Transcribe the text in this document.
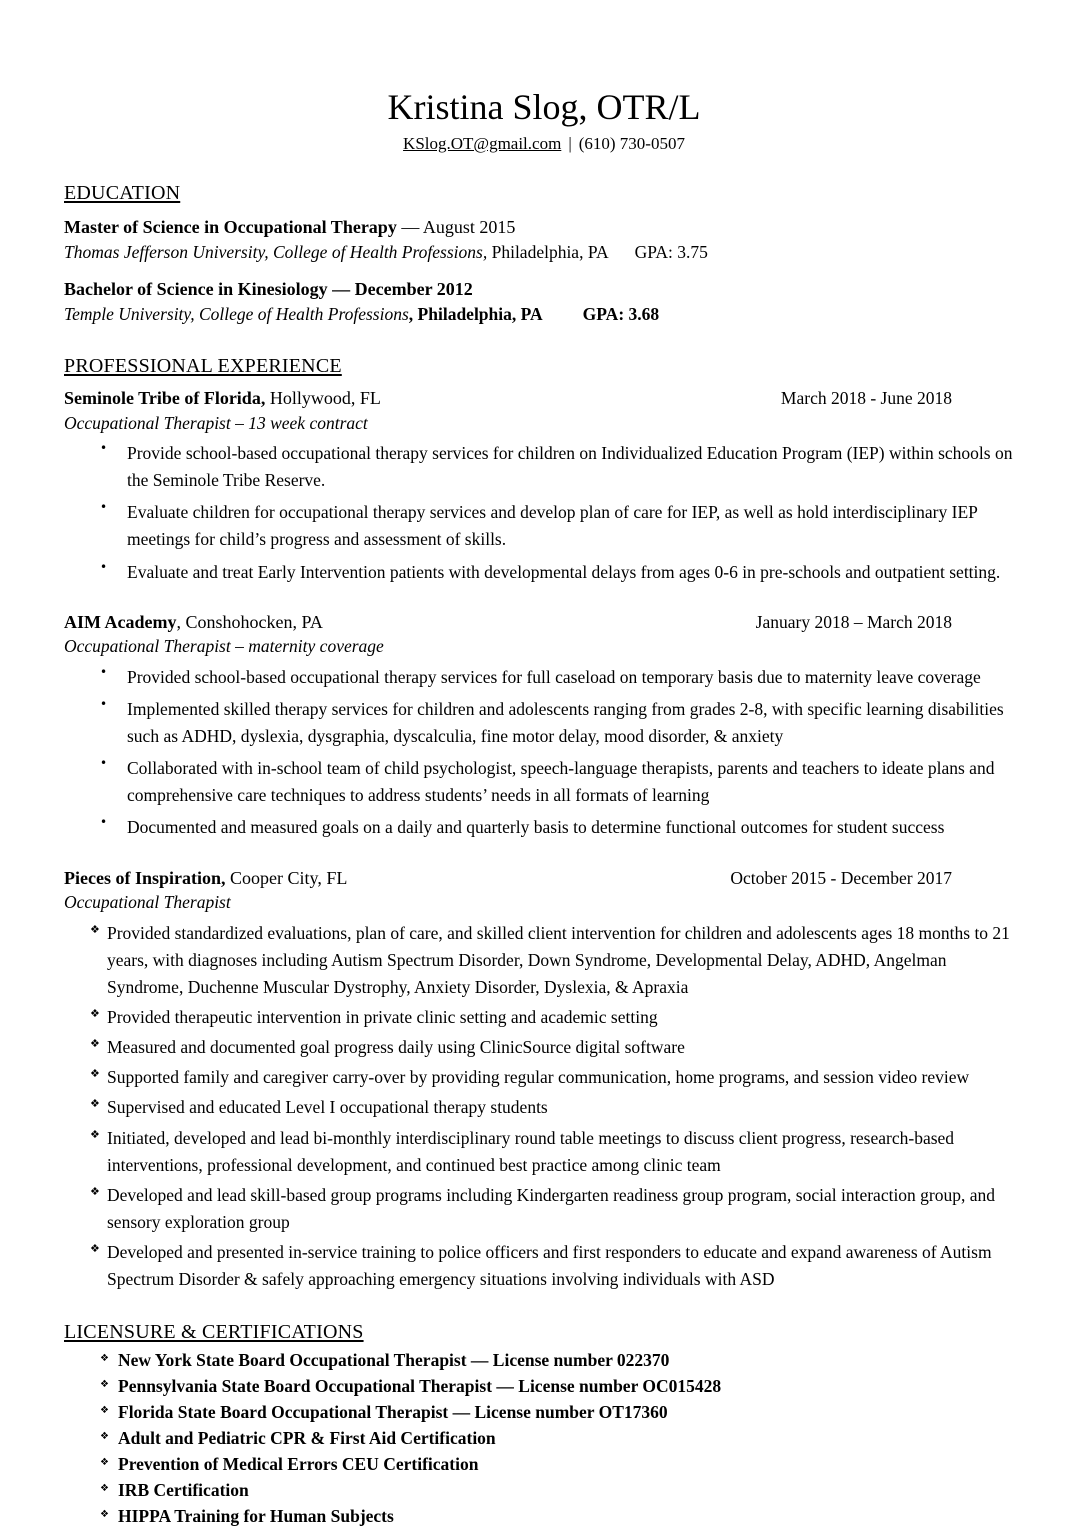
Kristina Slog, OTR/L
KSlog.OT@gmail.com | (610) 730-0507
EDUCATION
Master of Science in Occupational Therapy — August 2015
Thomas Jefferson University, College of Health Professions, Philadelphia, PA GPA: 3.75
Bachelor of Science in Kinesiology — December 2012
Temple University, College of Health Professions, Philadelphia, PA GPA: 3.68
PROFESSIONAL EXPERIENCE
Seminole Tribe of Florida, Hollywood, FL	March 2018 - June 2018
Occupational Therapist – 13 week contract
•	Provide school-based occupational therapy services for children on Individualized Education Program (IEP) within schools on the Seminole Tribe Reserve.
•	Evaluate children for occupational therapy services and develop plan of care for IEP, as well as hold interdisciplinary IEP meetings for child’s progress and assessment of skills.
•	Evaluate and treat Early Intervention patients with developmental delays from ages 0-6 in pre-schools and outpatient setting.
AIM Academy, Conshohocken, PA	January 2018 – March 2018
Occupational Therapist – maternity coverage
•	Provided school-based occupational therapy services for full caseload on temporary basis due to maternity leave coverage
•	Implemented skilled therapy services for children and adolescents ranging from grades 2-8, with specific learning disabilities such as ADHD, dyslexia, dysgraphia, dyscalculia, fine motor delay, mood disorder, & anxiety
•	Collaborated with in-school team of child psychologist, speech-language therapists, parents and teachers to ideate plans and comprehensive care techniques to address students’ needs in all formats of learning
•	Documented and measured goals on a daily and quarterly basis to determine functional outcomes for student success
Pieces of Inspiration, Cooper City, FL	October 2015 - December 2017
Occupational Therapist
❖ Provided standardized evaluations, plan of care, and skilled client intervention for children and adolescents ages 18 months to 21 years, with diagnoses including Autism Spectrum Disorder, Down Syndrome, Developmental Delay, ADHD, Angelman Syndrome, Duchenne Muscular Dystrophy, Anxiety Disorder, Dyslexia, & Apraxia
❖ Provided therapeutic intervention in private clinic setting and academic setting
❖ Measured and documented goal progress daily using ClinicSource digital software
❖ Supported family and caregiver carry-over by providing regular communication, home programs, and session video review
❖ Supervised and educated Level I occupational therapy students
❖ Initiated, developed and lead bi-monthly interdisciplinary round table meetings to discuss client progress, research-based interventions, professional development, and continued best practice among clinic team
❖ Developed and lead skill-based group programs including Kindergarten readiness group program, social interaction group, and sensory exploration group
❖ Developed and presented in-service training to police officers and first responders to educate and expand awareness of Autism Spectrum Disorder & safely approaching emergency situations involving individuals with ASD
LICENSURE & CERTIFICATIONS
❖ New York State Board Occupational Therapist — License number 022370
❖ Pennsylvania State Board Occupational Therapist — License number OC015428
❖ Florida State Board Occupational Therapist — License number OT17360
❖ Adult and Pediatric CPR & First Aid Certification
❖ Prevention of Medical Errors CEU Certification
❖ IRB Certification
❖ HIPPA Training for Human Subjects
